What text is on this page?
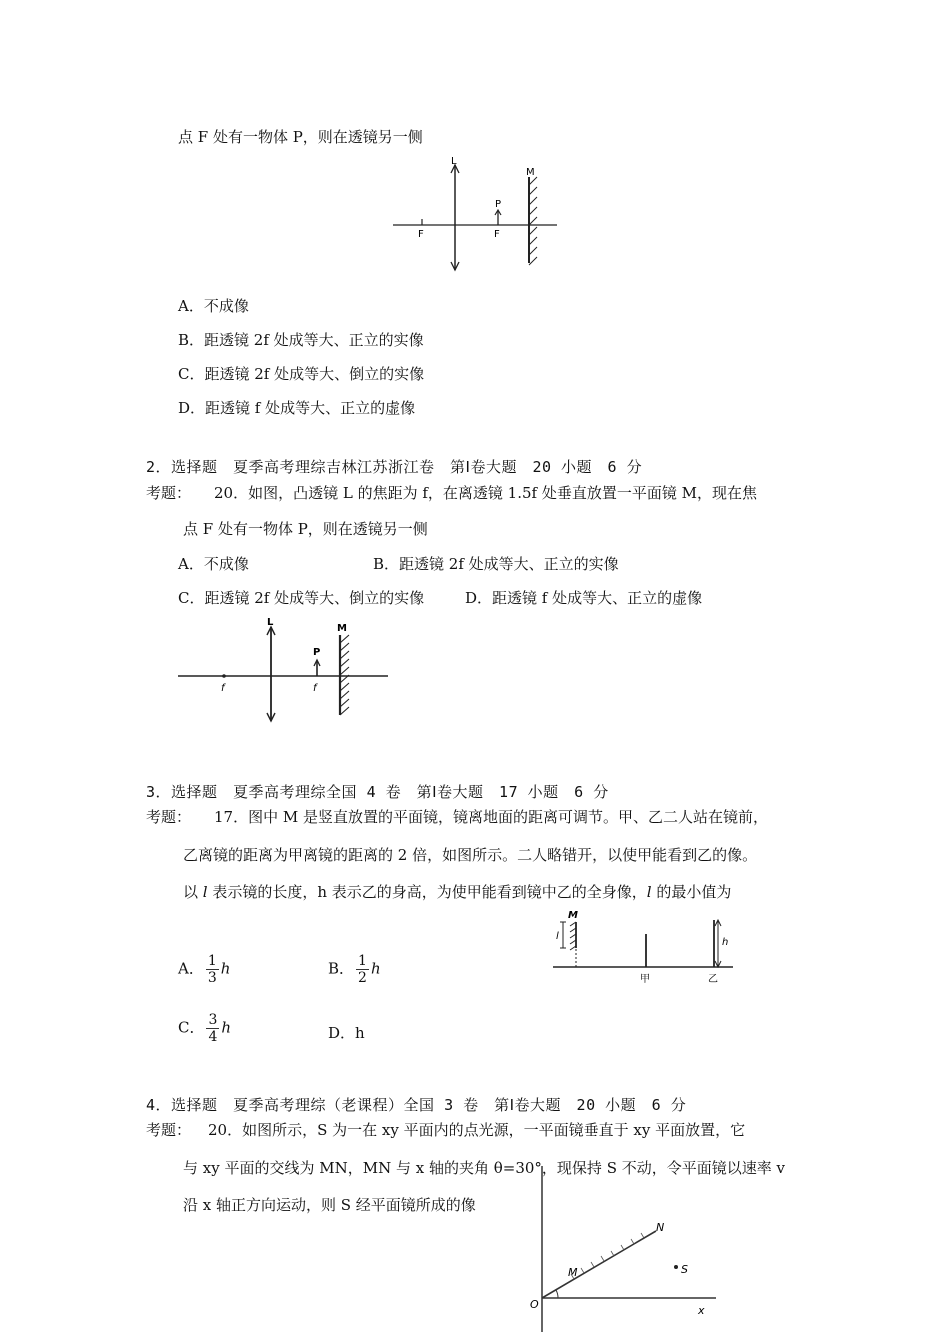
点 F 处有一物体 P，则在透镜另一侧
L
M
P
F	F
A．不成像
B．距透镜 2f 处成等大、正立的实像
C．距透镜 2f 处成等大、倒立的实像
D．距透镜 f 处成等大、正立的虚像
2．选择题　夏季高考理综吉林江苏浙江卷　第Ⅰ卷大题　20 小题　6 分
考题： 20．如图，凸透镜 L 的焦距为 f，在离透镜 1.5f 处垂直放置一平面镜 M，现在焦
点 F 处有一物体 P，则在透镜另一侧
A．不成像	B．距透镜 2f 处成等大、正立的实像
C．距透镜 2f 处成等大、倒立的实像	D．距透镜 f 处成等大、正立的虚像
L
M
P
f	f
3．选择题　夏季高考理综全国 4 卷　第Ⅰ卷大题　17 小题　6 分
考题： 17．图中 M 是竖直放置的平面镜，镜离地面的距离可调节。甲、乙二人站在镜前，
乙离镜的距离为甲离镜的距离的 2 倍，如图所示。二人略错开，以使甲能看到乙的像。
以 l 表示镜的长度，h 表示乙的身高，为使甲能看到镜中乙的全身像，l 的最小值为
M
l
h
甲	乙
A． $\frac{1}{3}$ h	B． $\frac{1}{2}$ h
C． $\frac{3}{4}$ h	D．h
4．选择题　夏季高考理综（老课程）全国 3 卷　第Ⅰ卷大题　20 小题　6 分
考题： 20．如图所示，S 为一在 xy 平面内的点光源，一平面镜垂直于 xy 平面放置，它
与 xy 平面的交线为 MN，MN 与 x 轴的夹角 θ=30°，现保持 S 不动，令平面镜以速率 v
沿 x 轴正方向运动，则 S 经平面镜所成的像
O	x
M
N
S
